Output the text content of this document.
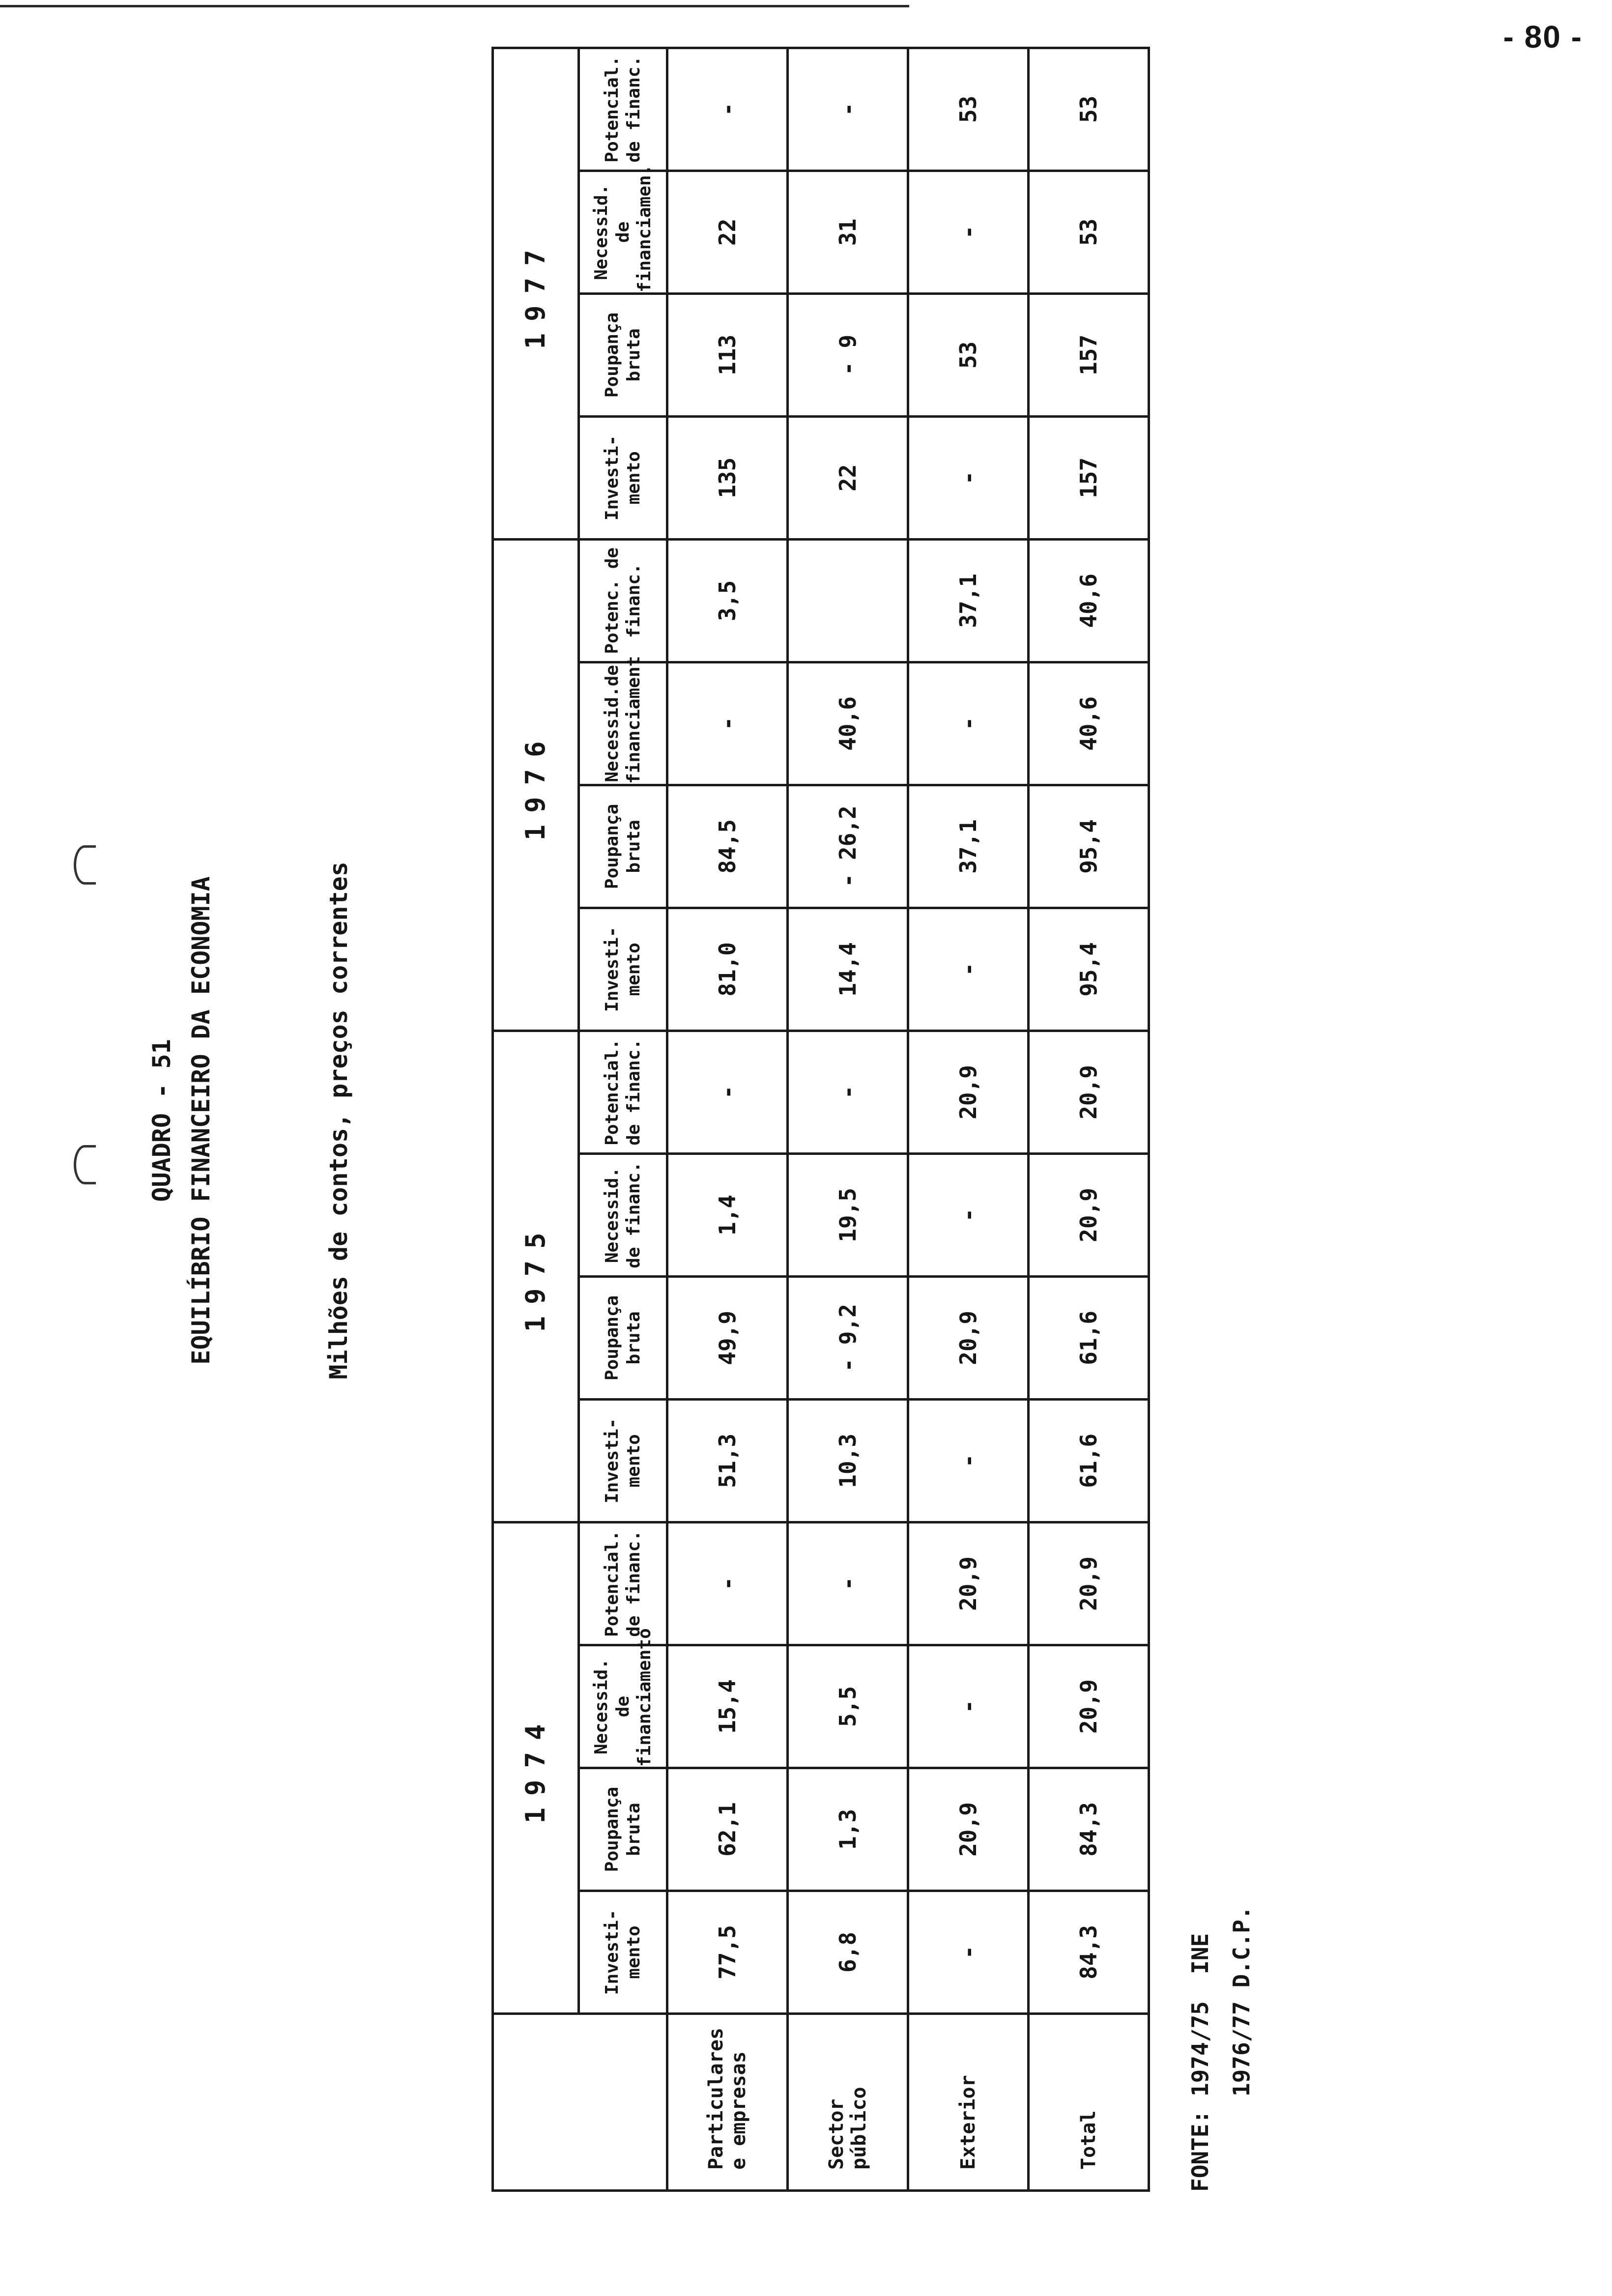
- 80 -
QUADRO - 51 EQUILÍBRIO FINANCEIRO DA ECONOMIA	Milhões de contos, preços correntes
	1974				1975				1976				1977			
	Investi- mento	Poupança bruta	Necessid. de financiamento	Potencial. de financ.	Investi- mento	Poupança bruta	Necessid. de financ.	Potencial. de financ.	Investi- mento	Poupança bruta	Necessid.de financiament	Potenc. de financ.	Investi- mento	Poupança bruta	Necessid. de financiamen.	Potencial. de financ.
Particulares e empresas	77,5	62,1	15,4	-	51,3	49,9	1,4	-	81,0	84,5	-	3,5	135	113	22	-
Sector público	6,8	1,3	5,5	-	10,3	- 9,2	19,5	-	14,4	- 26,2	40,6		22	- 9	31	-
Exterior	-	20,9	-	20,9	-	20,9	-	20,9	-	37,1	-	37,1	-	53	-	53
Total	84,3	84,3	20,9	20,9	61,6	61,6	20,9	20,9	95,4	95,4	40,6	40,6	157	157	53	53
FONTE: 1974/75  INE 1976/77 D.C.P.
